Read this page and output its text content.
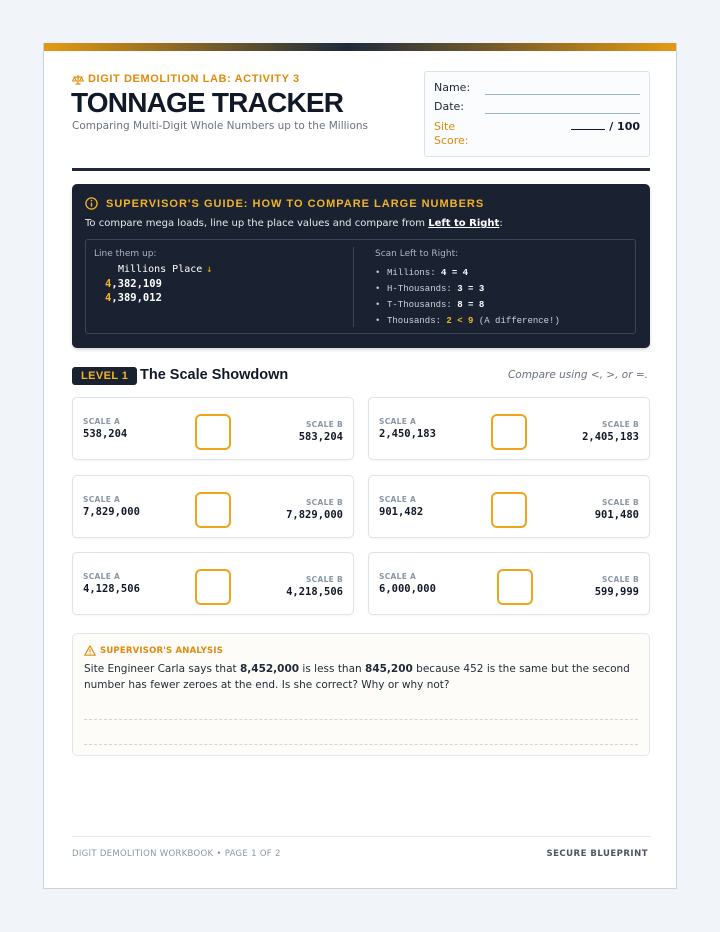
DIGIT DEMOLITION LAB: ACTIVITY 3
TONNAGE TRACKER
Comparing Multi-Digit Whole Numbers up to the Millions
Name:
Date:
Site Score:
/ 100
SUPERVISOR'S GUIDE: HOW TO COMPARE LARGE NUMBERS
To compare mega loads, line up the place values and compare from Left to Right:
Line them up:
Millions Place ↓
4,382,109
4,389,012
Scan Left to Right:
• Millions: 4 = 4
• H-Thousands: 3 = 3
• T-Thousands: 8 = 8
• Thousands: 2 < 9 (A difference!)
LEVEL 1 The Scale Showdown	Compare using <, >, or =.
SCALE A
538,204
SCALE B
583,204
SCALE A
2,450,183
SCALE B
2,405,183
SCALE A
7,829,000
SCALE B
7,829,000
SCALE A
901,482
SCALE B
901,480
SCALE A
4,128,506
SCALE B
4,218,506
SCALE A
6,000,000
SCALE B
599,999
SUPERVISOR'S ANALYSIS
Site Engineer Carla says that 8,452,000 is less than 845,200 because 452 is the same but the second number has fewer zeroes at the end. Is she correct? Why or why not?
DIGIT DEMOLITION WORKBOOK • PAGE 1 OF 2	SECURE BLUEPRINT
